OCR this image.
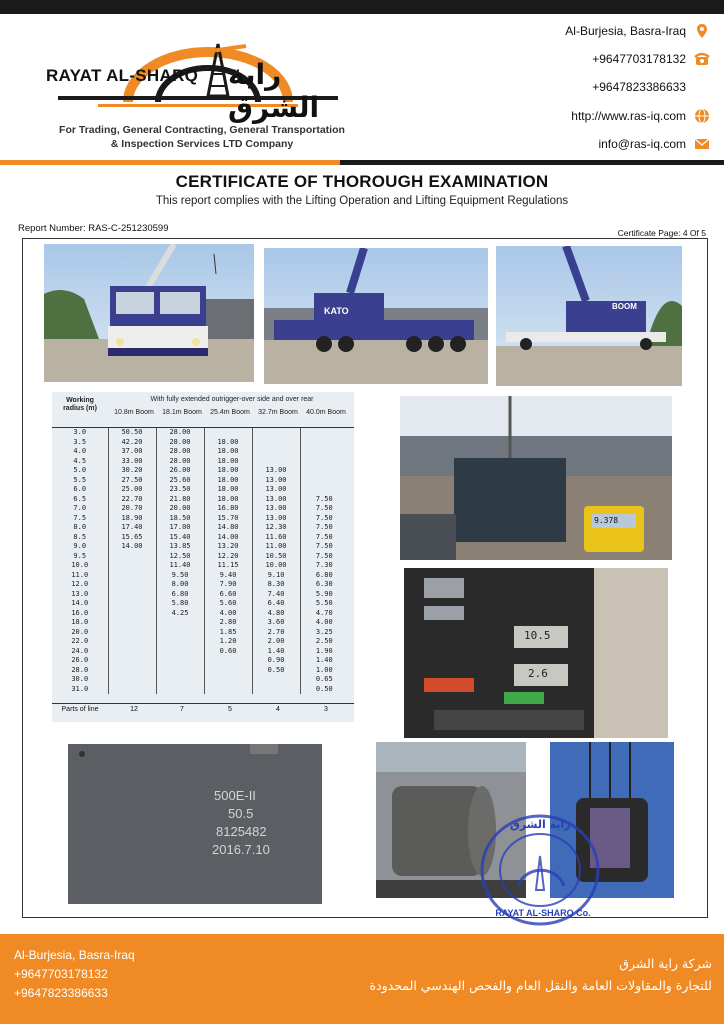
RAYAT AL-SHARQ راية الشرق
For Trading, General Contracting, General Transportation
& Inspection Services LTD Company
Al-Burjesia, Basra-Iraq
+9647703178132
+9647823386633
http://www.ras-iq.com
info@ras-iq.com
CERTIFICATE OF THOROUGH EXAMINATION
This report complies with the Lifting Operation and Lifting Equipment Regulations
Report Number: RAS-C-251230599	Certificate Page: 4 Of 5
KATO	BOOM
Working radius (m)
With fully extended outrigger-over side and over rear
10.8m Boom	18.1m Boom	25.4m Boom	32.7m Boom	40.0m Boom
3.0	50.50	28.00			
3.5	42.20	28.00	18.00		
4.0	37.00	28.00	18.00		
4.5	33.00	28.00	18.00		
5.0	30.20	26.00	18.00	13.00	
5.5	27.50	25.60	18.00	13.00	
6.0	25.00	23.50	18.00	13.00	
6.5	22.70	21.80	18.00	13.00	7.50
7.0	20.70	20.00	16.80	13.00	7.50
7.5	18.90	18.50	15.70	13.00	7.50
8.0	17.40	17.00	14.80	12.30	7.50
8.5	15.65	15.40	14.00	11.60	7.50
9.0	14.00	13.85	13.20	11.00	7.50
9.5		12.50	12.20	10.50	7.50
10.0		11.40	11.15	10.00	7.30
11.0		9.50	9.40	9.10	6.80
12.0		8.00	7.90	8.30	6.30
13.0		6.80	6.60	7.40	5.90
14.0		5.80	5.60	6.40	5.50
16.0		4.25	4.00	4.80	4.70
18.0			2.80	3.60	4.00
20.0			1.85	2.70	3.25
22.0			1.20	2.00	2.50
24.0			0.60	1.40	1.90
26.0				0.90	1.40
28.0				0.50	1.00
30.0					0.65
31.0					0.50
Parts of line	12	7	5	4	3
9.378
10.5
2.6
500E-II
50.5
8125482
2016.7.10
راية الشرق
RAYAT AL-SHARQ Co.
Al-Burjesia, Basra-Iraq
+9647703178132
+9647823386633
شركة راية الشرق
للتجارة والمقاولات العامة والنقل العام والفحص الهندسي المحدودة
